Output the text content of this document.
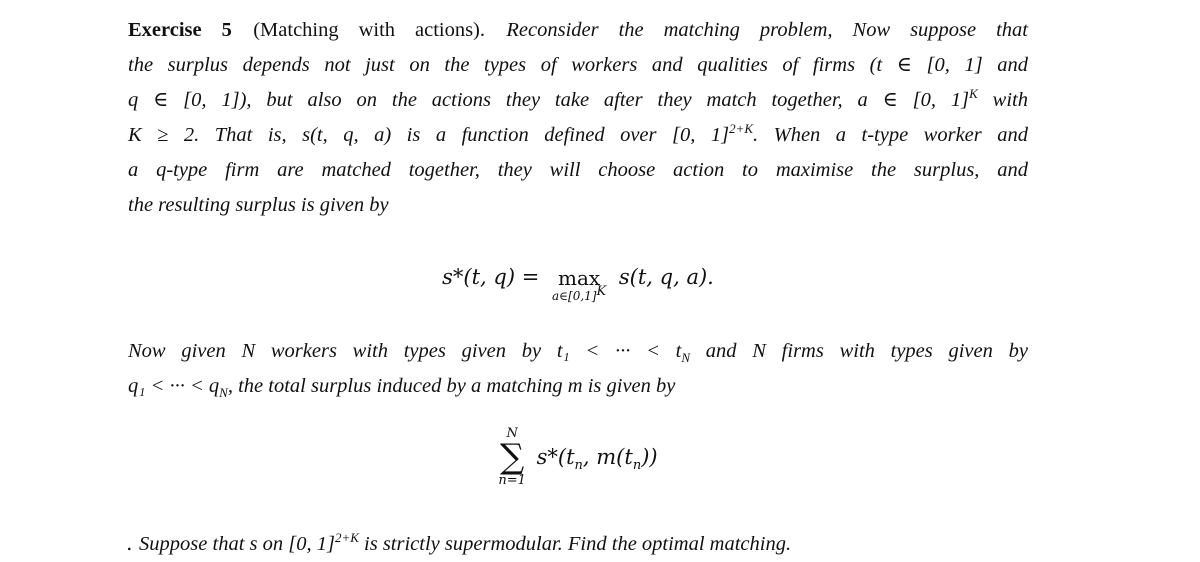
Exercise 5 (Matching with actions). Reconsider the matching problem, Now suppose that
the surplus depends not just on the types of workers and qualities of firms (t ∈ [0, 1] and
q ∈ [0, 1]), but also on the actions they take after they match together, a ∈ [0, 1]$^K$ with
K ≥ 2. That is, s(t, q, a) is a function defined over [0, 1]$^{2+K}$. When a t-type worker and
a q-type firm are matched together, they will choose action to maximise the surplus, and
the resulting surplus is given by

s*(t, q) = max
$a\in[0,1]^K$
s(t, q, a).

Now given N workers with types given by t₁ < ··· < $t_N$ and N firms with types given by
q₁ < ··· < $q_N$, the total surplus induced by a matching m is given by

N
∑
n=1
$s*(t_n$, $m(t_n)$)

. Suppose that s on [0, 1]$^{2+K}$ is strictly supermodular. Find the optimal matching.
